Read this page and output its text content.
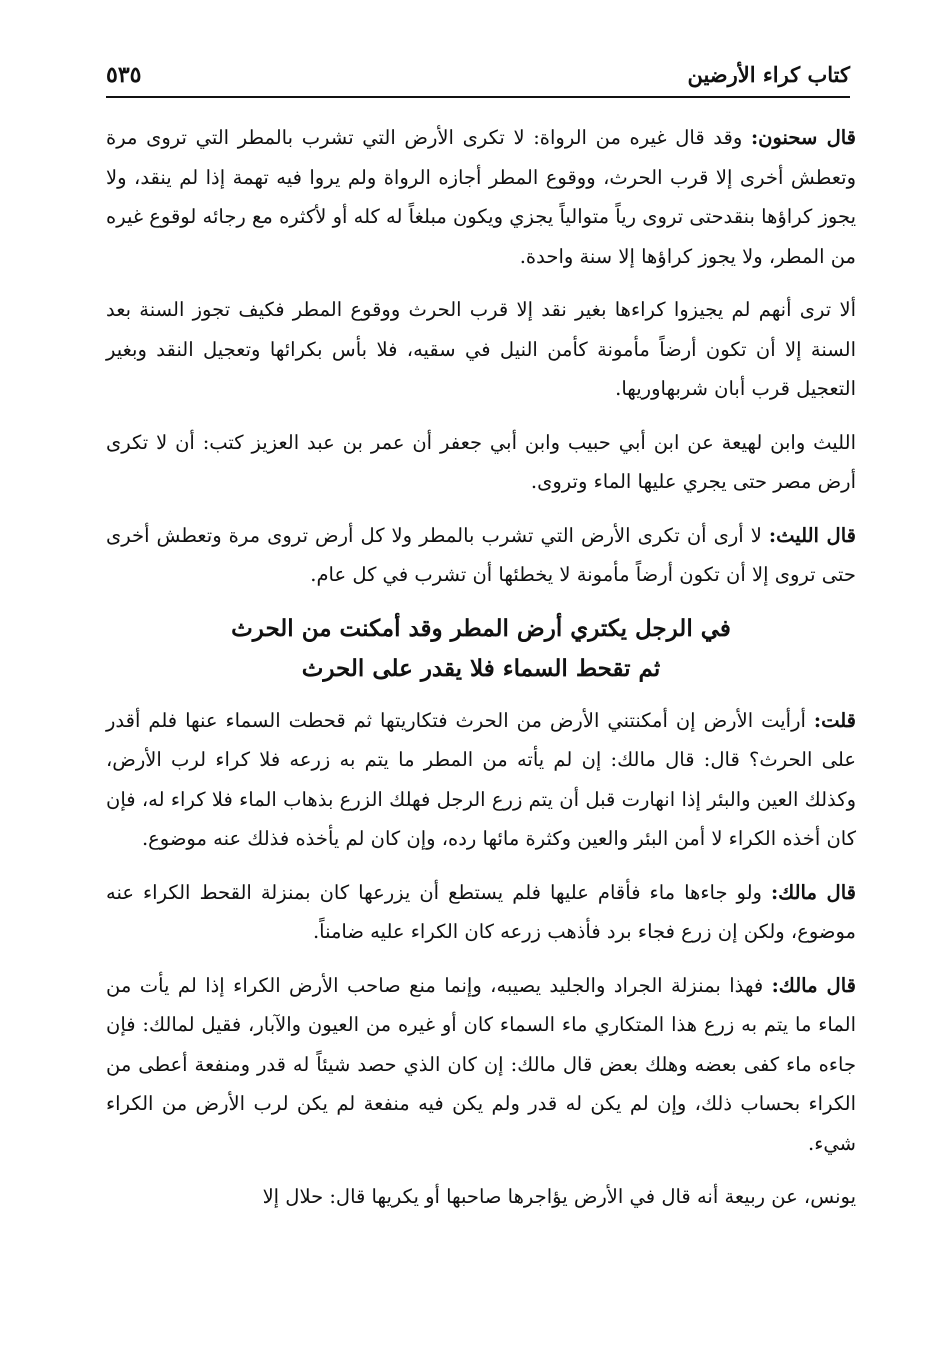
كتاب كراء الأرضين
٥٣٥

قال سحنون: وقد قال غيره من الرواة: لا تكرى الأرض التي تشرب بالمطر التي تروى مرة وتعطش أخرى إلا قرب الحرث، ووقوع المطر أجازه الرواة ولم يروا فيه تهمة إذا لم ينقد، ولا يجوز كراؤها بنقدحتى تروى رياً متوالياً يجزي ويكون مبلغاً له كله أو لأكثره مع رجائه لوقوع غيره من المطر، ولا يجوز كراؤها إلا سنة واحدة.

ألا ترى أنهم لم يجيزوا كراءها بغير نقد إلا قرب الحرث ووقوع المطر فكيف تجوز السنة بعد السنة إلا أن تكون أرضاً مأمونة كأمن النيل في سقيه، فلا بأس بكرائها وتعجيل النقد وبغير التعجيل قرب أبان شربهاوريها.

الليث وابن لهيعة عن ابن أبي حبيب وابن أبي جعفر أن عمر بن عبد العزيز كتب: أن لا تكرى أرض مصر حتى يجري عليها الماء وتروى.

قال الليث: لا أرى أن تكرى الأرض التي تشرب بالمطر ولا كل أرض تروى مرة وتعطش أخرى حتى تروى إلا أن تكون أرضاً مأمونة لا يخطئها أن تشرب في كل عام.

في الرجل يكتري أرض المطر وقد أمكنت من الحرث
ثم تقحط السماء فلا يقدر على الحرث

قلت: أرأيت الأرض إن أمكنتني الأرض من الحرث فتكاريتها ثم قحطت السماء عنها فلم أقدر على الحرث؟ قال: قال مالك: إن لم يأته من المطر ما يتم به زرعه فلا كراء لرب الأرض، وكذلك العين والبئر إذا انهارت قبل أن يتم زرع الرجل فهلك الزرع بذهاب الماء فلا كراء له، فإن كان أخذه الكراء لا أمن البئر والعين وكثرة مائها رده، وإن كان لم يأخذه فذلك عنه موضوع.

قال مالك: ولو جاءها ماء فأقام عليها فلم يستطع أن يزرعها كان بمنزلة القحط الكراء عنه موضوع، ولكن إن زرع فجاء برد فأذهب زرعه كان الكراء عليه ضامناً.

قال مالك: فهذا بمنزلة الجراد والجليد يصيبه، وإنما منع صاحب الأرض الكراء إذا لم يأت من الماء ما يتم به زرع هذا المتكاري ماء السماء كان أو غيره من العيون والآبار، فقيل لمالك: فإن جاءه ماء كفى بعضه وهلك بعض قال مالك: إن كان الذي حصد شيئاً له قدر ومنفعة أعطى من الكراء بحساب ذلك، وإن لم يكن له قدر ولم يكن فيه منفعة لم يكن لرب الأرض من الكراء شيء.

يونس، عن ربيعة أنه قال في الأرض يؤاجرها صاحبها أو يكريها قال: حلال إلا
